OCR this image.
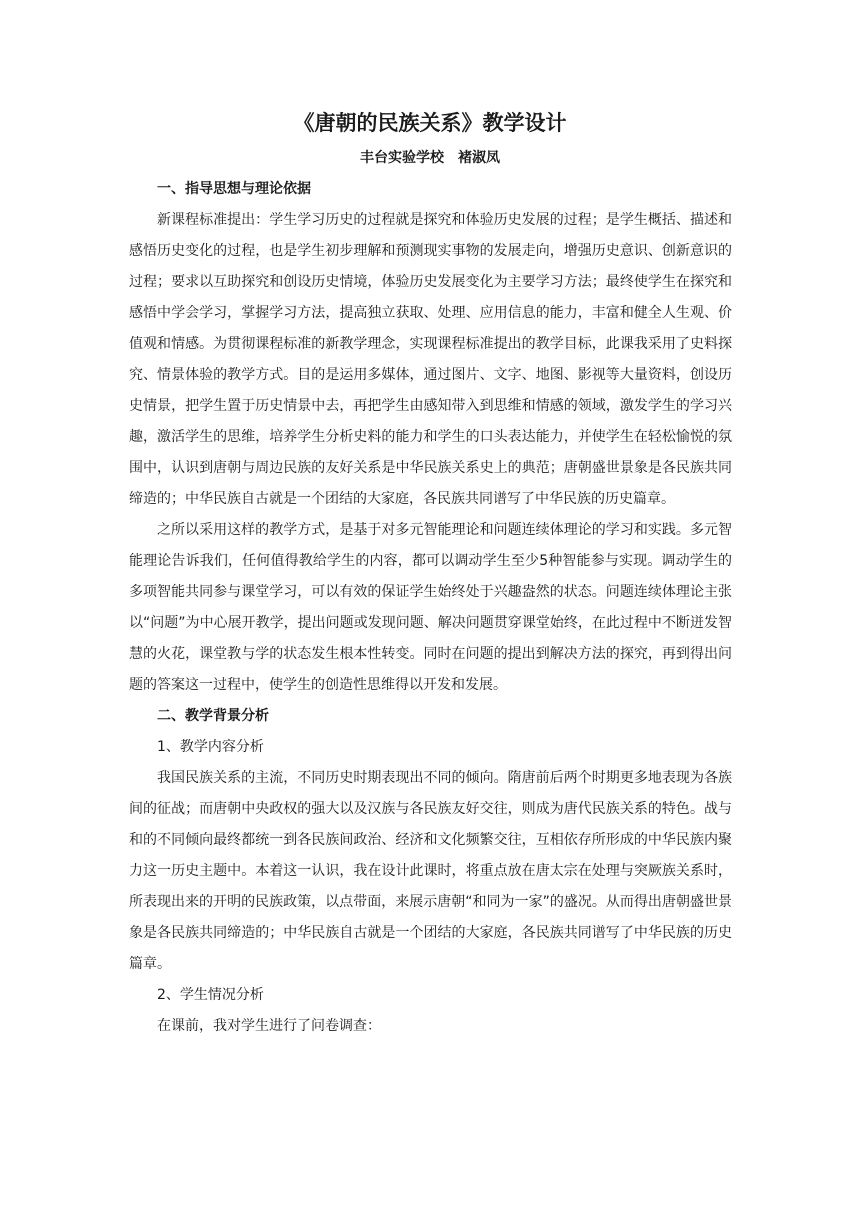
《唐朝的民族关系》教学设计
丰台实验学校　褚淑凤

一、指导思想与理论依据

新课程标准提出：学生学习历史的过程就是探究和体验历史发展的过程；是学生概括、描述和感悟历史变化的过程，也是学生初步理解和预测现实事物的发展走向，增强历史意识、创新意识的过程；要求以互助探究和创设历史情境，体验历史发展变化为主要学习方法；最终使学生在探究和感悟中学会学习，掌握学习方法，提高独立获取、处理、应用信息的能力，丰富和健全人生观、价值观和情感。为贯彻课程标准的新教学理念，实现课程标准提出的教学目标，此课我采用了史料探究、情景体验的教学方式。目的是运用多媒体，通过图片、文字、地图、影视等大量资料，创设历史情景，把学生置于历史情景中去，再把学生由感知带入到思维和情感的领域，激发学生的学习兴趣，激活学生的思维，培养学生分析史料的能力和学生的口头表达能力，并使学生在轻松愉悦的氛围中，认识到唐朝与周边民族的友好关系是中华民族关系史上的典范；唐朝盛世景象是各民族共同缔造的；中华民族自古就是一个团结的大家庭，各民族共同谱写了中华民族的历史篇章。

之所以采用这样的教学方式，是基于对多元智能理论和问题连续体理论的学习和实践。多元智能理论告诉我们，任何值得教给学生的内容，都可以调动学生至少5种智能参与实现。调动学生的多项智能共同参与课堂学习，可以有效的保证学生始终处于兴趣盎然的状态。问题连续体理论主张以“问题”为中心展开教学，提出问题或发现问题、解决问题贯穿课堂始终，在此过程中不断迸发智慧的火花，课堂教与学的状态发生根本性转变。同时在问题的提出到解决方法的探究，再到得出问题的答案这一过程中，使学生的创造性思维得以开发和发展。

二、教学背景分析

1、教学内容分析

我国民族关系的主流，不同历史时期表现出不同的倾向。隋唐前后两个时期更多地表现为各族间的征战；而唐朝中央政权的强大以及汉族与各民族友好交往，则成为唐代民族关系的特色。战与和的不同倾向最终都统一到各民族间政治、经济和文化频繁交往，互相依存所形成的中华民族内聚力这一历史主题中。本着这一认识，我在设计此课时，将重点放在唐太宗在处理与突厥族关系时，所表现出来的开明的民族政策，以点带面，来展示唐朝“和同为一家”的盛况。从而得出唐朝盛世景象是各民族共同缔造的；中华民族自古就是一个团结的大家庭，各民族共同谱写了中华民族的历史篇章。

2、学生情况分析

在课前，我对学生进行了问卷调查：
